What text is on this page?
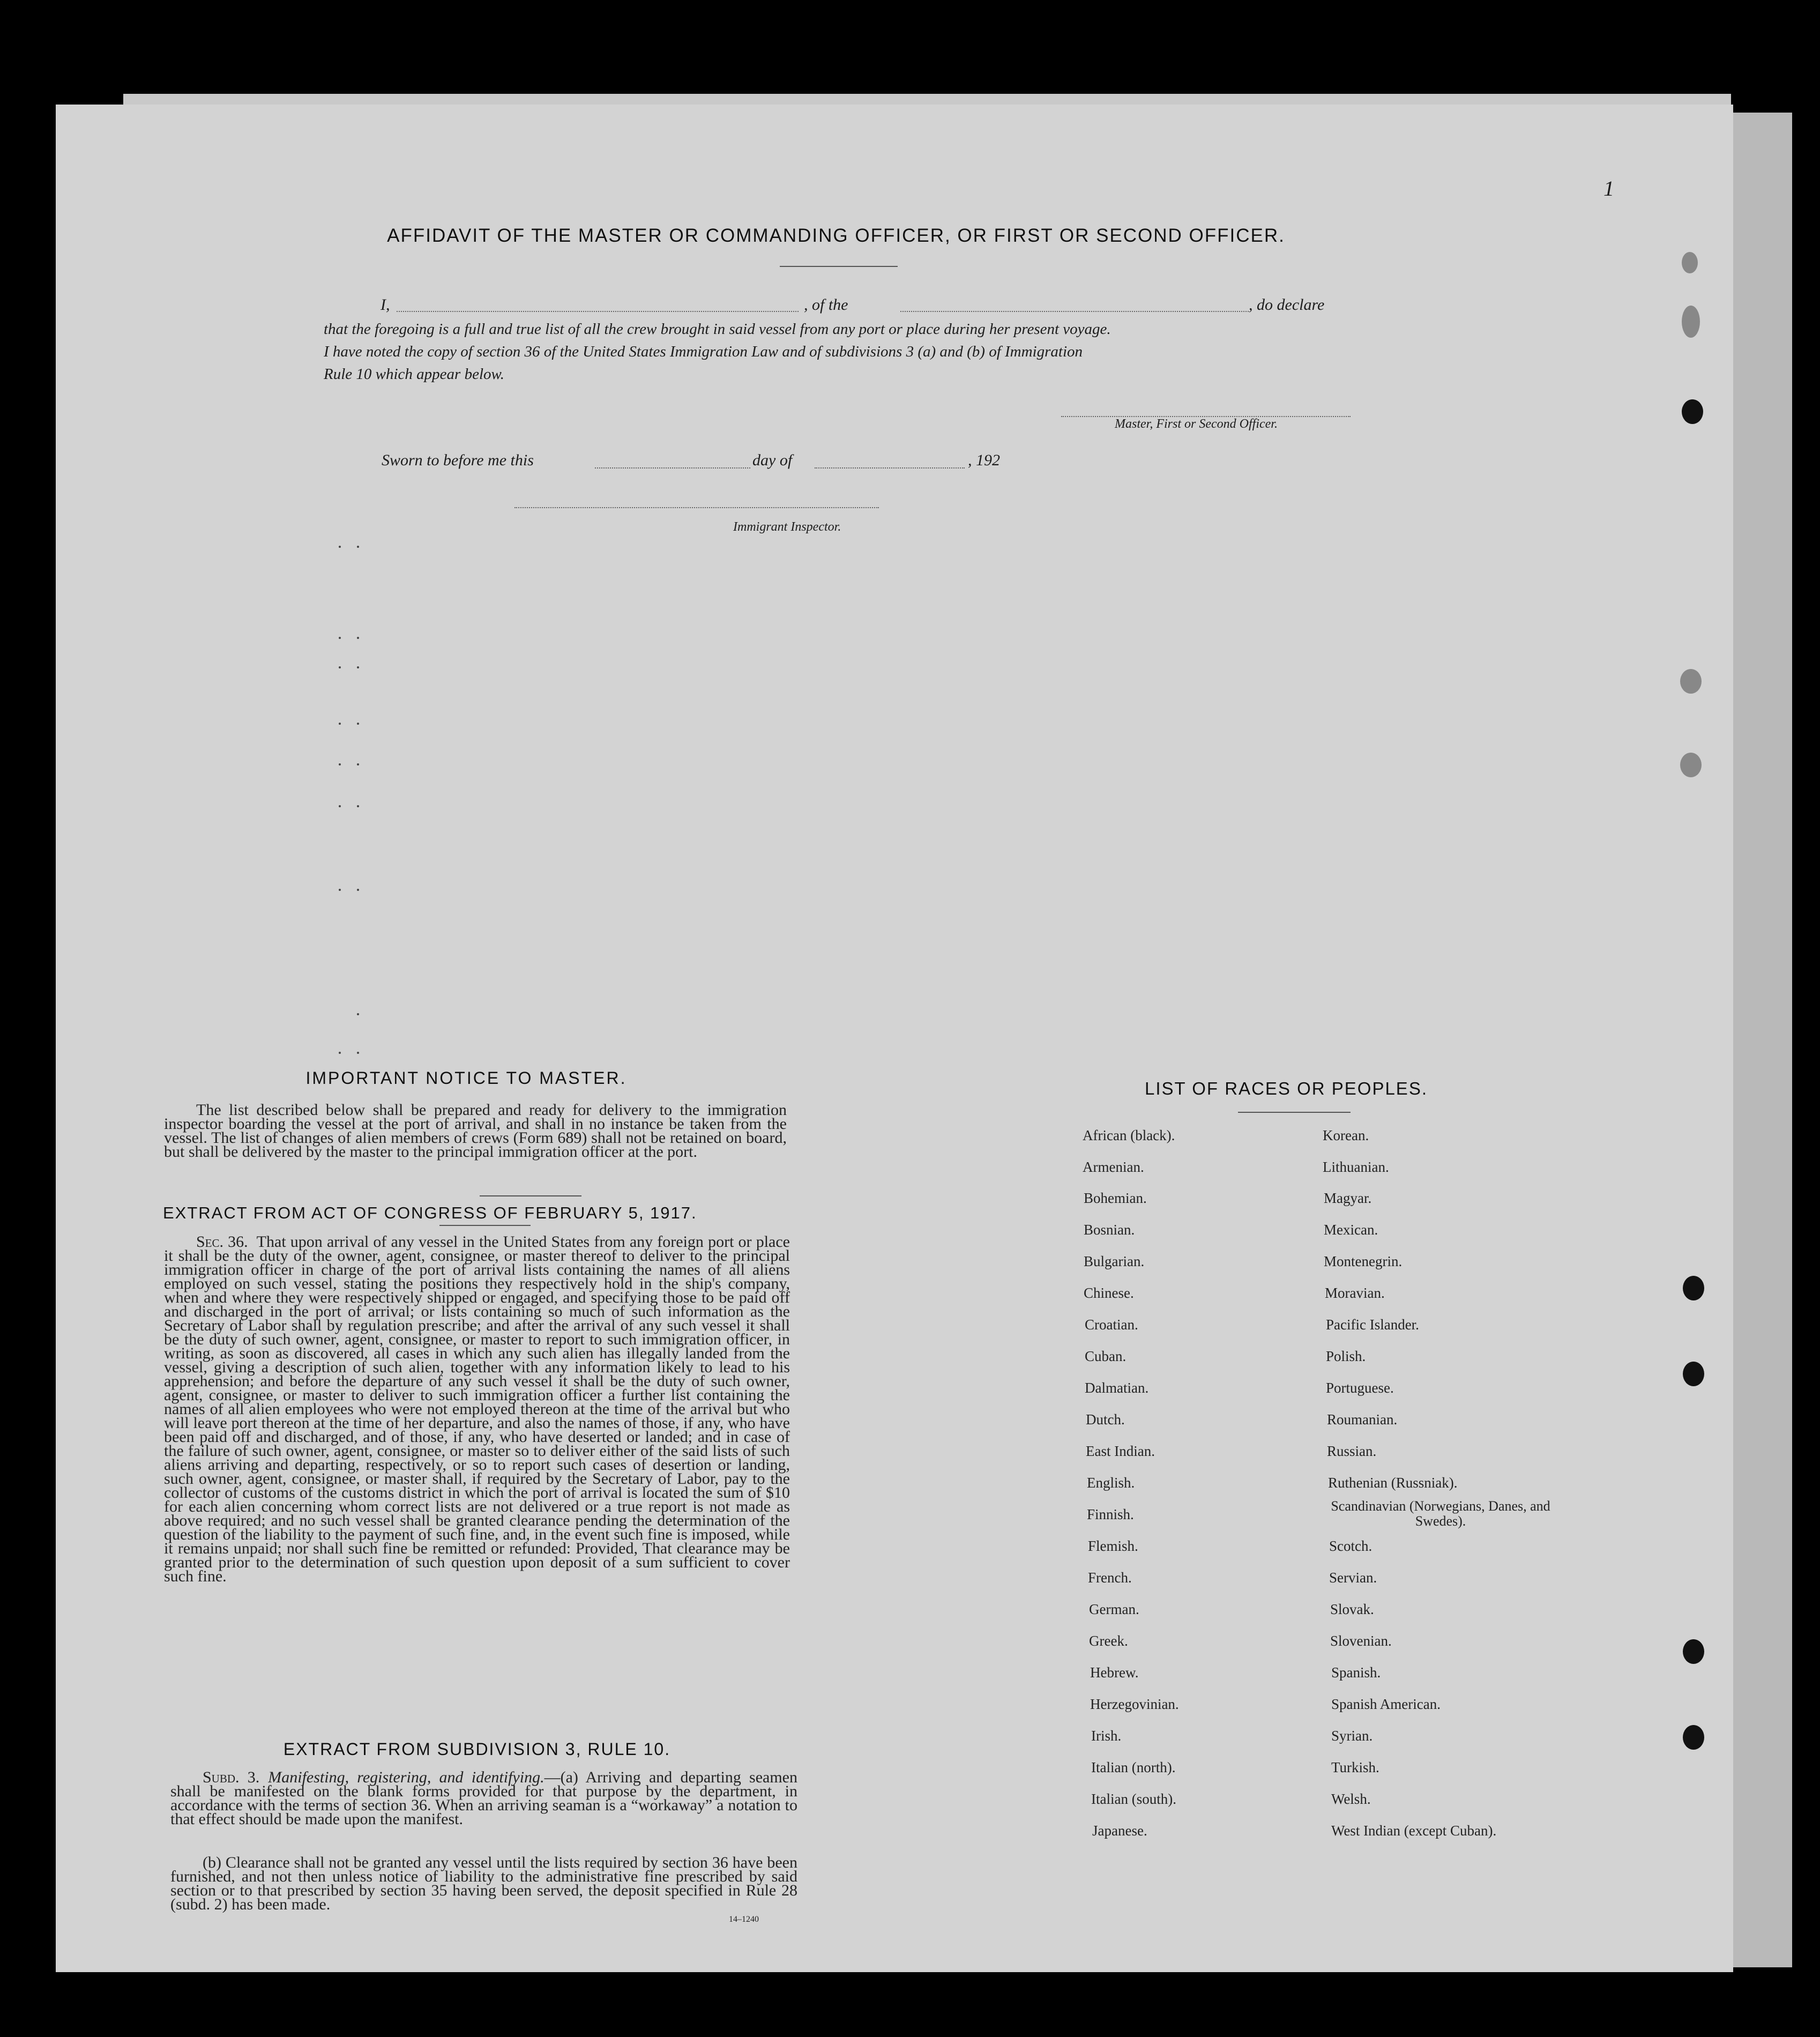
1
AFFIDAVIT OF THE MASTER OR COMMANDING OFFICER, OR FIRST OR SECOND OFFICER.
I,	, of the	, do declare
that the foregoing is a full and true list of all the crew brought in said vessel from any port or place during her present voyage.
I have noted the copy of section 36 of the United States Immigration Law and of subdivisions 3 (a) and (b) of Immigration
Rule 10 which appear below.
Master, First or Second Officer.
Sworn to before me this	day of	, 192
Immigrant Inspector.
IMPORTANT NOTICE TO MASTER.
The list described below shall be prepared and ready for delivery to the immigration inspector boarding the vessel at the port of arrival, and shall in no instance be taken from the vessel. The list of changes of alien members of crews (Form 689) shall not be retained on board, but shall be delivered by the master to the principal immigration officer at the port.
EXTRACT FROM ACT OF CONGRESS OF FEBRUARY 5, 1917.
Sec. 36. That upon arrival of any vessel in the United States from any foreign port or place it shall be the duty of the owner, agent, consignee, or master thereof to deliver to the principal immigration officer in charge of the port of arrival lists containing the names of all aliens employed on such vessel, stating the positions they respectively hold in the ship's company, when and where they were respectively shipped or engaged, and specifying those to be paid off and discharged in the port of arrival; or lists containing so much of such information as the Secretary of Labor shall by regulation prescribe; and after the arrival of any such vessel it shall be the duty of such owner, agent, consignee, or master to report to such immigration officer, in writing, as soon as discovered, all cases in which any such alien has illegally landed from the vessel, giving a description of such alien, together with any information likely to lead to his apprehension; and before the departure of any such vessel it shall be the duty of such owner, agent, consignee, or master to deliver to such immigration officer a further list containing the names of all alien employees who were not employed thereon at the time of the arrival but who will leave port thereon at the time of her departure, and also the names of those, if any, who have been paid off and discharged, and of those, if any, who have deserted or landed; and in case of the failure of such owner, agent, consignee, or master so to deliver either of the said lists of such aliens arriving and departing, respectively, or so to report such cases of desertion or landing, such owner, agent, consignee, or master shall, if required by the Secretary of Labor, pay to the collector of customs of the customs district in which the port of arrival is located the sum of $10 for each alien concerning whom correct lists are not delivered or a true report is not made as above required; and no such vessel shall be granted clearance pending the determination of the question of the liability to the payment of such fine, and, in the event such fine is imposed, while it remains unpaid; nor shall such fine be remitted or refunded: Provided, That clearance may be granted prior to the determination of such question upon deposit of a sum sufficient to cover such fine.
EXTRACT FROM SUBDIVISION 3, RULE 10.
Subd. 3. Manifesting, registering, and identifying.—(a) Arriving and departing seamen shall be manifested on the blank forms provided for that purpose by the department, in accordance with the terms of section 36. When an arriving seaman is a “workaway” a notation to that effect should be made upon the manifest.
(b) Clearance shall not be granted any vessel until the lists required by section 36 have been furnished, and not then unless notice of liability to the administrative fine prescribed by said section or to that prescribed by section 35 having been served, the deposit specified in Rule 28 (subd. 2) has been made.
14–1240
LIST OF RACES OR PEOPLES.
African (black).
Armenian.
Bohemian.
Bosnian.
Bulgarian.
Chinese.
Croatian.
Cuban.
Dalmatian.
Dutch.
East Indian.
English.
Finnish.
Flemish.
French.
German.
Greek.
Hebrew.
Herzegovinian.
Irish.
Italian (north).
Italian (south).
Japanese.
Korean.
Lithuanian.
Magyar.
Mexican.
Montenegrin.
Moravian.
Pacific Islander.
Polish.
Portuguese.
Roumanian.
Russian.
Ruthenian (Russniak).
Scandinavian (Norwegians, Danes, and Swedes).
Scotch.
Servian.
Slovak.
Slovenian.
Spanish.
Spanish American.
Syrian.
Turkish.
Welsh.
West Indian (except Cuban).
